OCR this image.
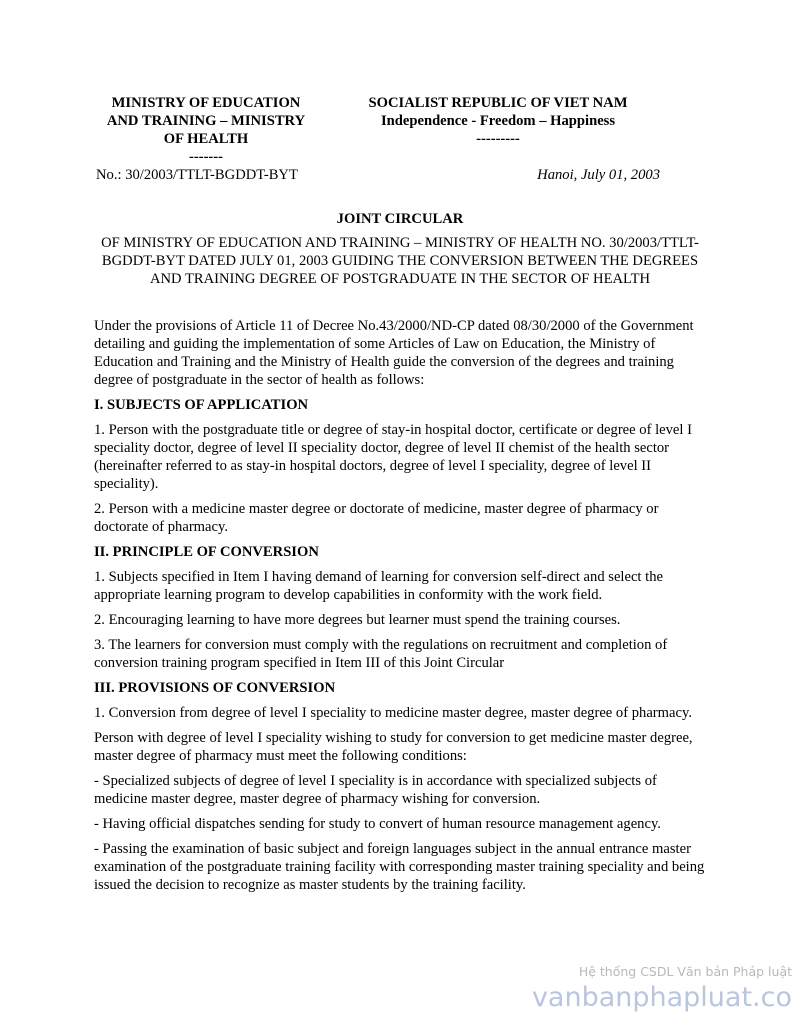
MINISTRY OF EDUCATION
AND TRAINING – MINISTRY
OF HEALTH
-------
SOCIALIST REPUBLIC OF VIET NAM
Independence - Freedom – Happiness
---------
No.: 30/2003/TTLT-BGDDT-BYT	Hanoi, July 01, 2003
JOINT CIRCULAR

OF MINISTRY OF EDUCATION AND TRAINING – MINISTRY OF HEALTH NO. 30/2003/TTLT-BGDDT-BYT DATED JULY 01, 2003 GUIDING THE CONVERSION BETWEEN THE DEGREES AND TRAINING DEGREE OF POSTGRADUATE IN THE SECTOR OF HEALTH

Under the provisions of Article 11 of Decree No.43/2000/ND-CP dated 08/30/2000 of the Government detailing and guiding the implementation of some Articles of Law on Education, the Ministry of Education and Training and the Ministry of Health guide the conversion of the degrees and training degree of postgraduate in the sector of health as follows:

I. SUBJECTS OF APPLICATION

1. Person with the postgraduate title or degree of stay-in hospital doctor, certificate or degree of level I speciality doctor, degree of level II speciality doctor, degree of level II chemist of the health sector (hereinafter referred to as stay-in hospital doctors, degree of level I speciality, degree of level II speciality).

2. Person with a medicine master degree or doctorate of medicine, master degree of pharmacy or doctorate of pharmacy.

II. PRINCIPLE OF CONVERSION

1. Subjects specified in Item I having demand of learning for conversion self-direct and select the appropriate learning program to develop capabilities in conformity with the work field.

2. Encouraging learning to have more degrees but learner must spend the training courses.

3. The learners for conversion must comply with the regulations on recruitment and completion of conversion training program specified in Item III of this Joint Circular

III. PROVISIONS OF CONVERSION

1. Conversion from degree of level I speciality to medicine master degree, master degree of pharmacy.

Person with degree of level I speciality wishing to study for conversion to get medicine master degree, master degree of pharmacy must meet the following conditions:

- Specialized subjects of degree of level I speciality is in accordance with specialized subjects of medicine master degree, master degree of pharmacy wishing for conversion.

- Having official dispatches sending for study to convert of human resource management agency.

- Passing the examination of basic subject and foreign languages subject in the annual entrance master examination of the postgraduate training facility with corresponding master training speciality and being issued the decision to recognize as master students by the training facility.

Hệ thống CSDL Văn bản Pháp luật
vanbanphapluat.co
